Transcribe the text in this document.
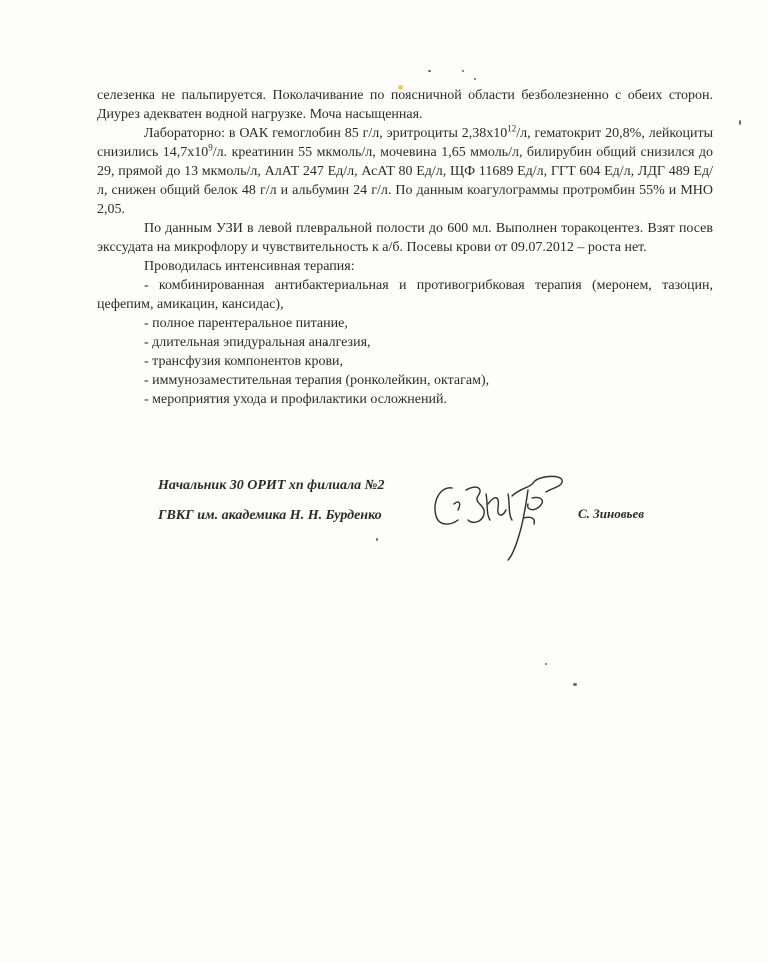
селезенка не пальпируется. Поколачивание по поясничной области безболезненно с обеих сторон. Диурез адекватен водной нагрузке. Моча насыщенная.

Лабораторно: в ОАК гемоглобин 85 г/л, эритроциты $2,38х10^{12}/л$, гематокрит 20,8%, лейкоциты снизились $14,7х10^9/л$. креатинин 55 мкмоль/л, мочевина 1,65 ммоль/л, билирубин общий снизился до 29, прямой до 13 мкмоль/л, АлАТ 247 Ед/л, АсАТ 80 Ед/л, ЩФ 11689 Ед/л, ГГТ 604 Ед/л, ЛДГ 489 Ед/л, снижен общий белок 48 г/л и альбумин 24 г/л. По данным коагулограммы протромбин 55% и МНО 2,05.

По данным УЗИ в левой плевральной полости до 600 мл. Выполнен торакоцентез. Взят посев экссудата на микрофлору и чувствительность к а/б. Посевы крови от 09.07.2012 – роста нет.

Проводилась интенсивная терапия:

- комбинированная антибактериальная и противогрибковая терапия (меронем, тазоцин, цефепим, амикацин, кансидас),

- полное парентеральное питание,

- длительная эпидуральная аналгезия,

- трансфузия компонентов крови,

- иммунозаместительная терапия (ронколейкин, октагам),

- мероприятия ухода и профилактики осложнений.

Начальник 30 ОРИТ хп филиала №2
ГВКГ им. академика Н. Н. Бурденко	С. Зиновьев
